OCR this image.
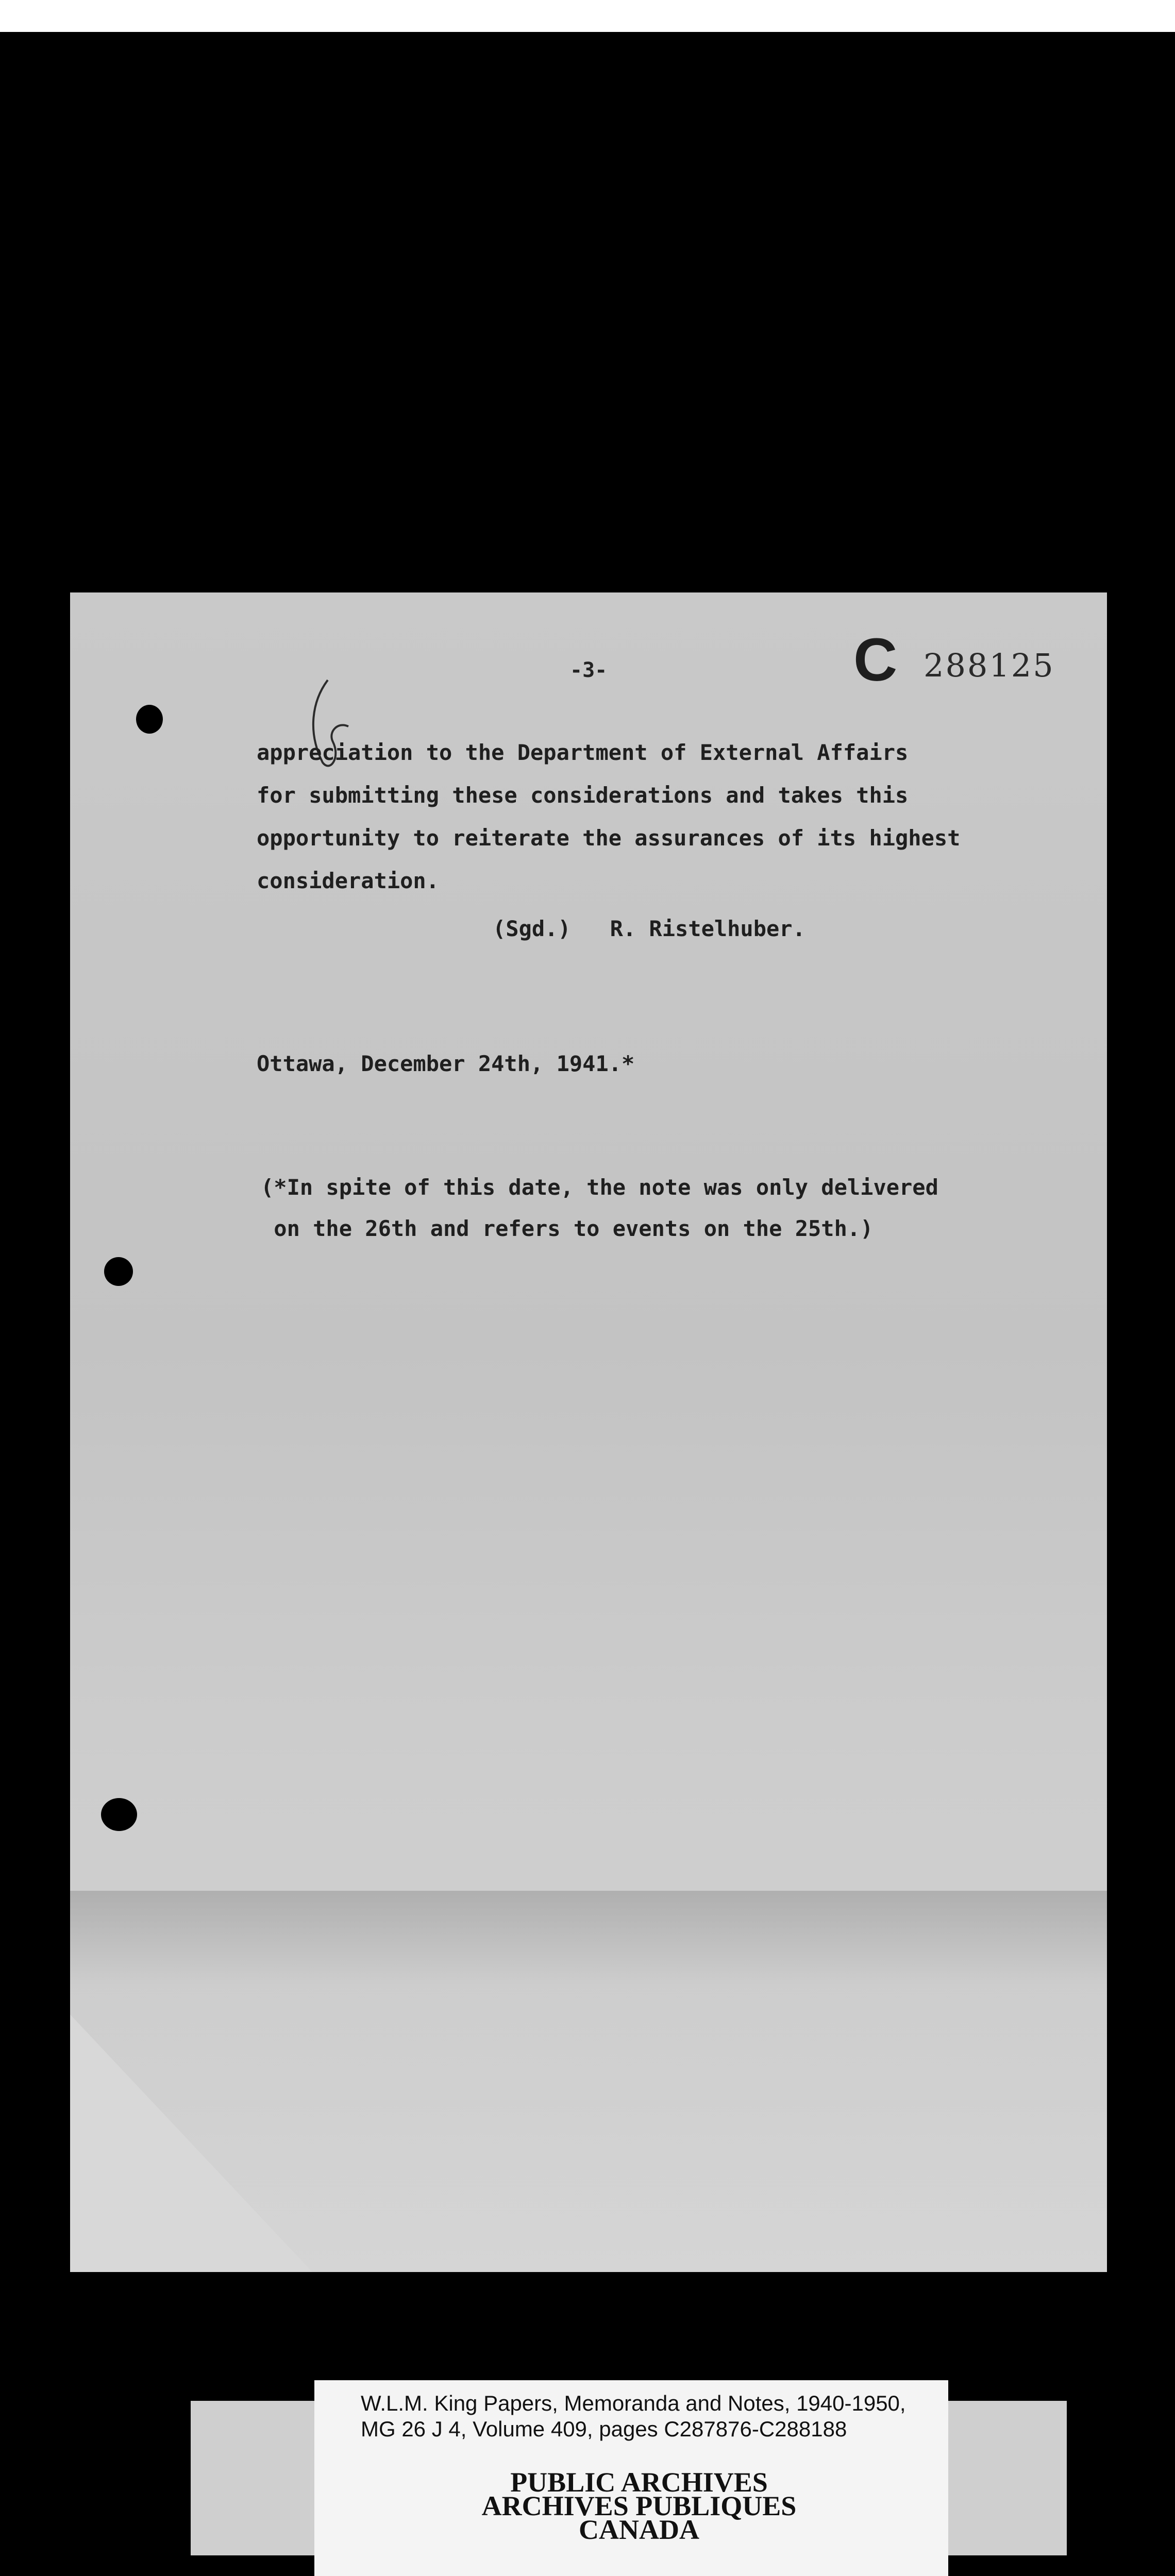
-3-	C 288125
appreciation to the Department of External Affairs
for submitting these considerations and takes this
opportunity to reiterate the assurances of its highest
consideration.
(Sgd.)   R. Ristelhuber.
Ottawa, December 24th, 1941.*
(*In spite of this date, the note was only delivered
on the 26th and refers to events on the 25th.)
W.L.M. King Papers, Memoranda and Notes, 1940-1950,
MG 26 J 4, Volume 409, pages C287876-C288188
PUBLIC ARCHIVES
ARCHIVES PUBLIQUES
CANADA
